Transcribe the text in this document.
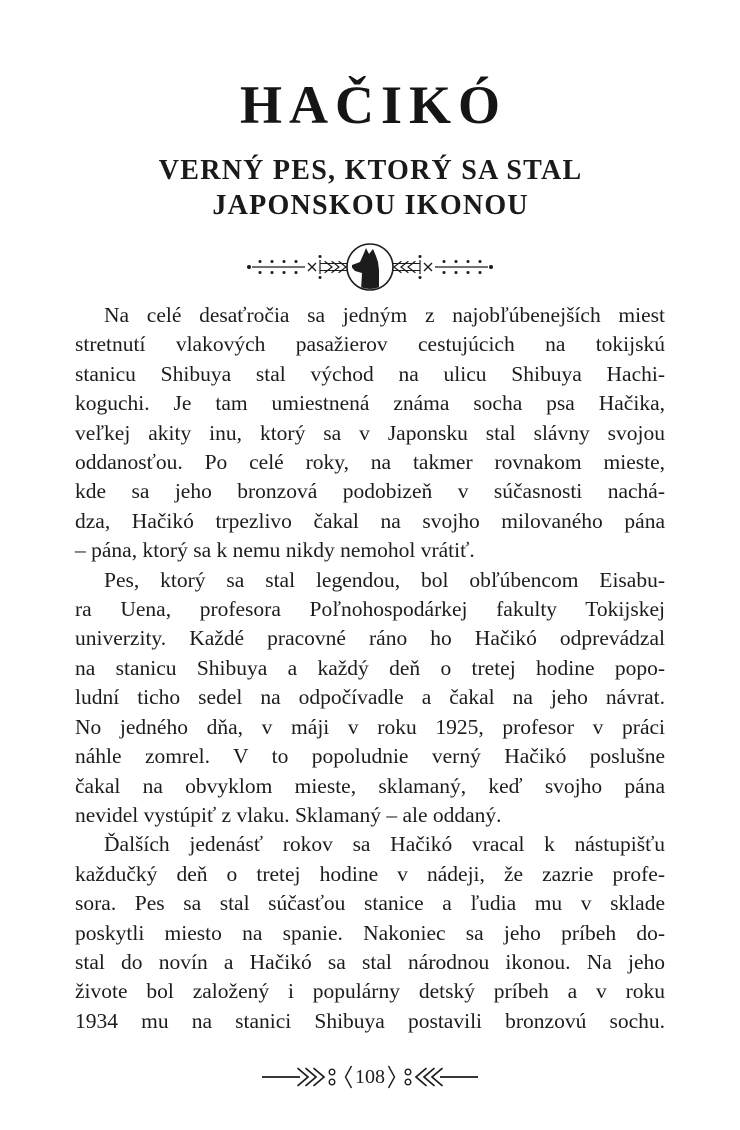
HAČIKÓ
VERNÝ PES, KTORÝ SA STAL
JAPONSKOU IKONOU
Na celé desaťročia sa jedným z najobľúbenejších miest
stretnutí vlakových pasažierov cestujúcich na tokijskú
stanicu Shibuya stal východ na ulicu Shibuya Hachi-
koguchi. Je tam umiestnená známa socha psa Hačika,
veľkej akity inu, ktorý sa v Japonsku stal slávny svojou
oddanosťou. Po celé roky, na takmer rovnakom mieste,
kde sa jeho bronzová podobizeň v súčasnosti nachá-
dza, Hačikó trpezlivo čakal na svojho milovaného pána
– pána, ktorý sa k nemu nikdy nemohol vrátiť.
Pes, ktorý sa stal legendou, bol obľúbencom Eisabu-
ra Uena, profesora Poľnohospodárkej fakulty Tokijskej
univerzity. Každé pracovné ráno ho Hačikó odprevádzal
na stanicu Shibuya a každý deň o tretej hodine popo-
ludní ticho sedel na odpočívadle a čakal na jeho návrat.
No jedného dňa, v máji v roku 1925, profesor v práci
náhle zomrel. V to popoludnie verný Hačikó poslušne
čakal na obvyklom mieste, sklamaný, keď svojho pána
nevidel vystúpiť z vlaku. Sklamaný – ale oddaný.
Ďalších jedenásť rokov sa Hačikó vracal k nástupišťu
každučký deň o tretej hodine v nádeji, že zazrie profe-
sora. Pes sa stal súčasťou stanice a ľudia mu v sklade
poskytli miesto na spanie. Nakoniec sa jeho príbeh do-
stal do novín a Hačikó sa stal národnou ikonou. Na jeho
živote bol založený i populárny detský príbeh a v roku
1934 mu na stanici Shibuya postavili bronzovú sochu.
108
